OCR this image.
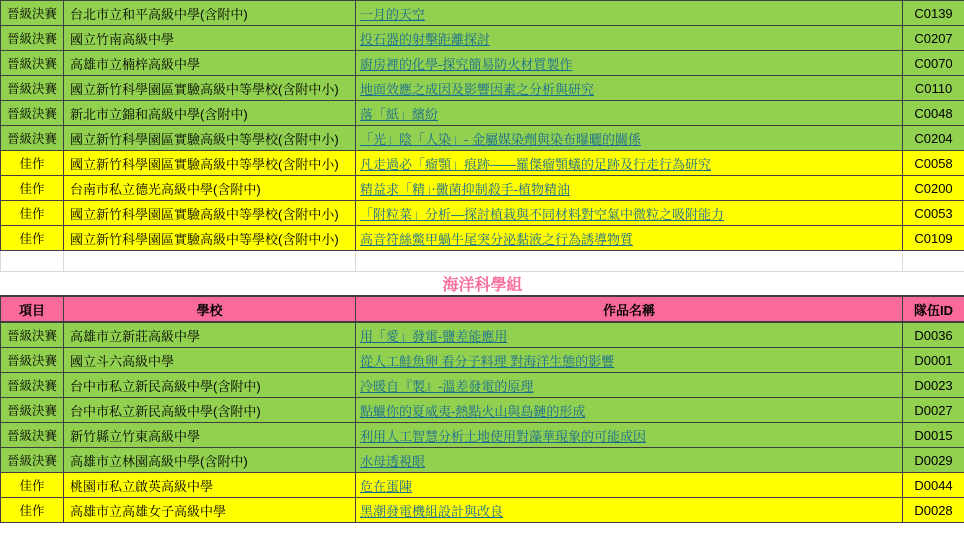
晉級決賽	台北市立和平高級中學(含附中)	一月的天空	C0139
晉級決賽	國立竹南高級中學	投石器的射擊距離探討	C0207
晉級決賽	高雄市立楠梓高級中學	廚房裡的化學-探究簡易防火材質製作	C0070
晉級決賽	國立新竹科學園區實驗高級中等學校(含附中小)	地面效應之成因及影響因素之分析與研究	C0110
晉級決賽	新北市立錦和高級中學(含附中)	落「紙」繽紛	C0048
晉級決賽	國立新竹科學園區實驗高級中等學校(含附中小)	「光」陰「人染」- 金屬媒染劑與染布曝曬的關係	C0204
佳作	國立新竹科學園區實驗高級中等學校(含附中小)	凡走過必「瘤顎」痕跡——羅傑瘤顎蟻的足跡及行走行為研究	C0058
佳作	台南市私立德光高級中學(含附中)	精益求「精」‧黴菌抑制殺手-植物精油	C0200
佳作	國立新竹科學園區實驗高級中等學校(含附中小)	「附粒菜」分析—探討植栽與不同材料對空氣中微粒之吸附能力	C0053
佳作	國立新竹科學園區實驗高級中等學校(含附中小)	高音符絲鱉甲蝸牛尾突分泌黏液之行為誘導物質	C0109

海洋科學組			
項目	學校	作品名稱	隊伍ID
晉級決賽	高雄市立新莊高級中學	用「愛」發電-鹽差能應用	D0036
晉級決賽	國立斗六高級中學	從人工鮭魚卵 看分子料理 對海洋生態的影響	D0001
晉級決賽	台中市私立新民高級中學(含附中)	冷暖自『製』-溫差發電的原理	D0023
晉級決賽	台中市私立新民高級中學(含附中)	點蠟你的夏威夷-熱點火山與島鏈的形成	D0027
晉級決賽	新竹縣立竹東高級中學	利用人工智慧分析土地使用對藻華現象的可能成因	D0015
晉級決賽	高雄市立林園高級中學(含附中)	水母透視眼	D0029
佳作	桃園市私立啟英高級中學	危在蛋陳	D0044
佳作	高雄市立高雄女子高級中學	黑潮發電機組設計與改良	D0028
